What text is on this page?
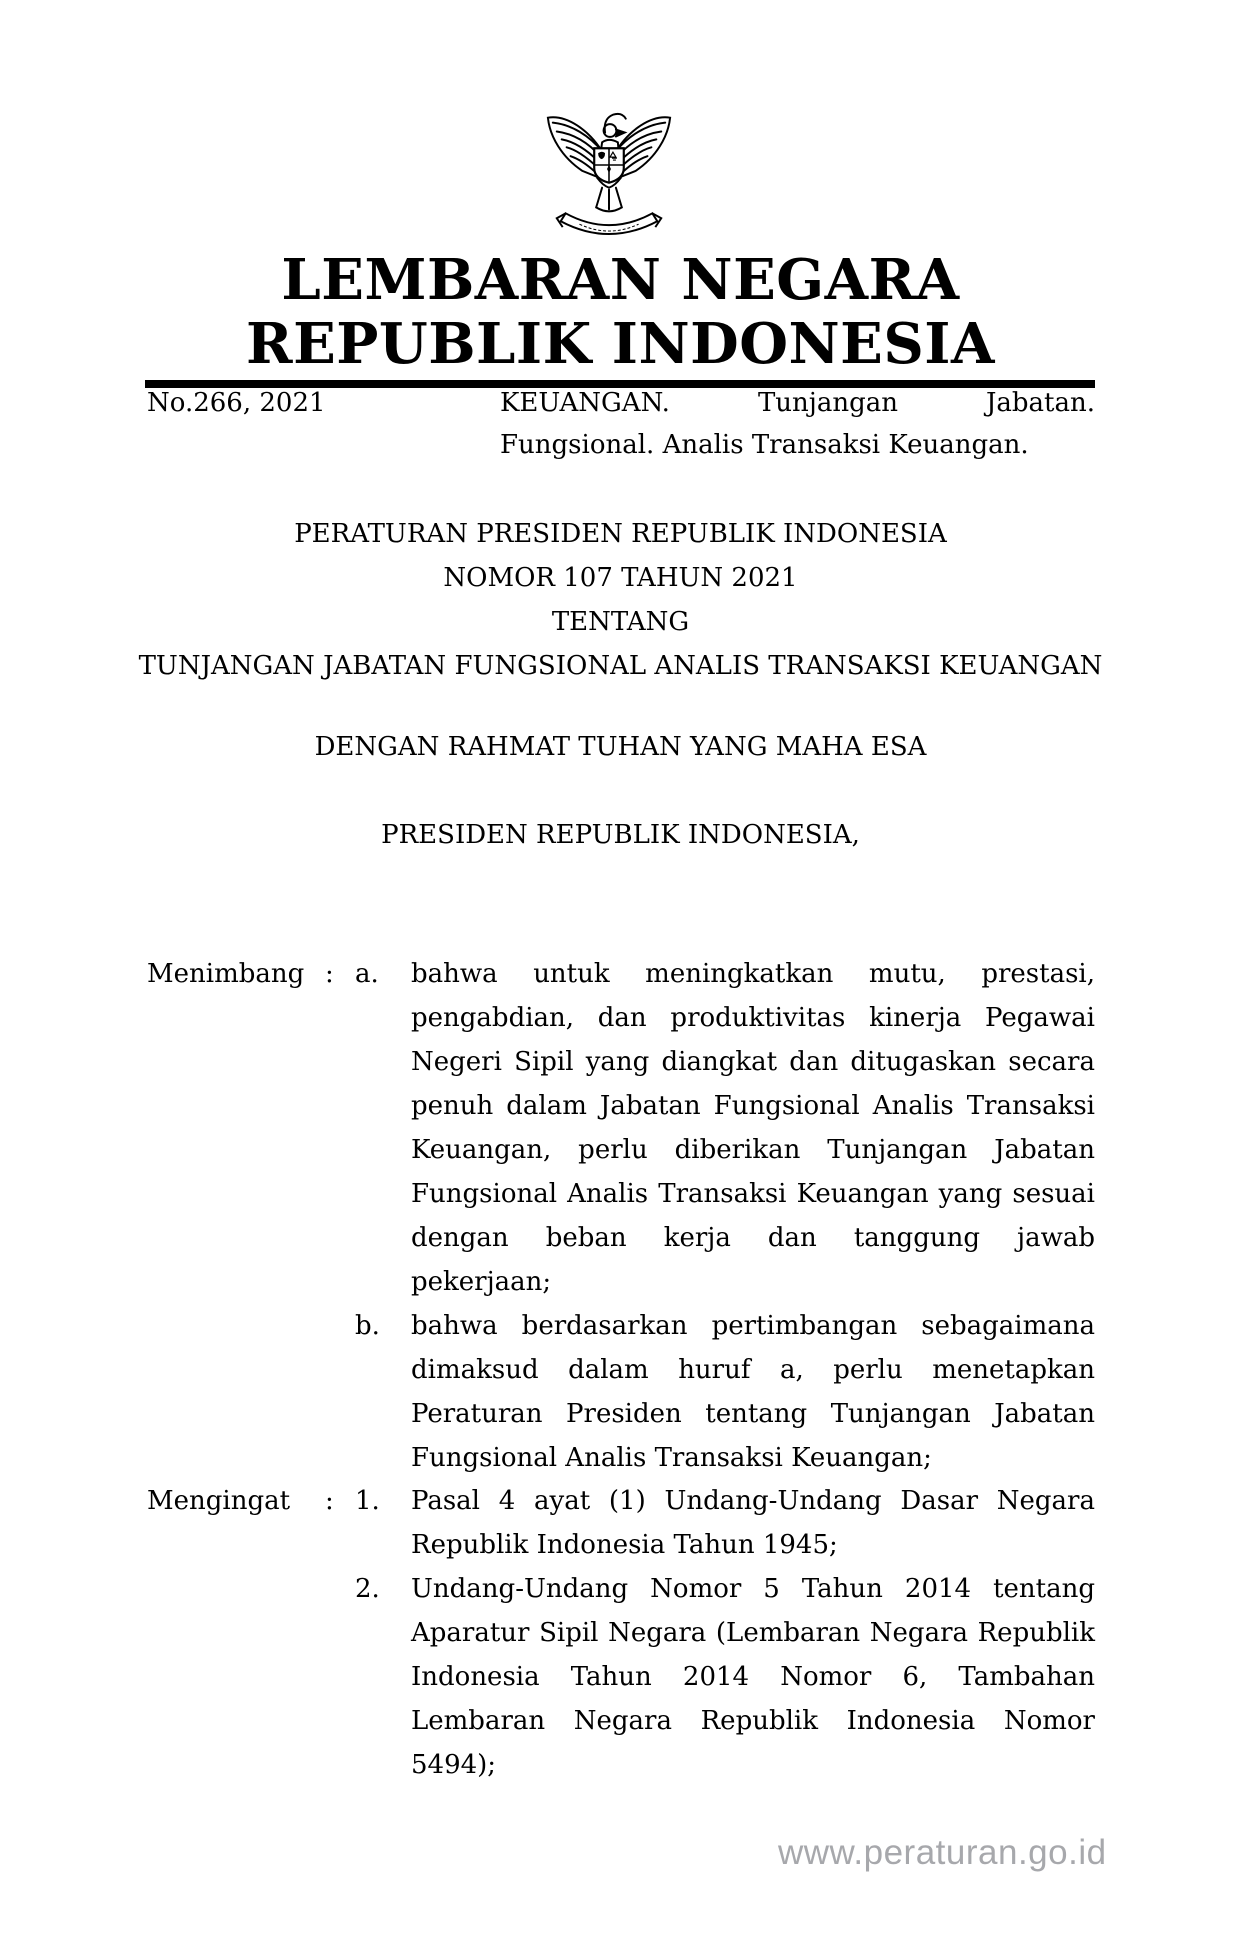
LEMBARAN NEGARA
REPUBLIK INDONESIA
No.266, 2021	KEUANGAN. Tunjangan Jabatan. Fungsional. Analis Transaksi Keuangan.
PERATURAN PRESIDEN REPUBLIK INDONESIA
NOMOR 107 TAHUN 2021
TENTANG
TUNJANGAN JABATAN FUNGSIONAL ANALIS TRANSAKSI KEUANGAN
DENGAN RAHMAT TUHAN YANG MAHA ESA
PRESIDEN REPUBLIK INDONESIA,
Menimbang : a.	bahwa untuk meningkatkan mutu, prestasi, pengabdian, dan produktivitas kinerja Pegawai Negeri Sipil yang diangkat dan ditugaskan secara penuh dalam Jabatan Fungsional Analis Transaksi Keuangan, perlu diberikan Tunjangan Jabatan Fungsional Analis Transaksi Keuangan yang sesuai dengan beban kerja dan tanggung jawab pekerjaan;
b.	bahwa berdasarkan pertimbangan sebagaimana dimaksud dalam huruf a, perlu menetapkan Peraturan Presiden tentang Tunjangan Jabatan Fungsional Analis Transaksi Keuangan;
Mengingat	: 1.	Pasal 4 ayat (1) Undang-Undang Dasar Negara Republik Indonesia Tahun 1945;
2.	Undang-Undang Nomor 5 Tahun 2014 tentang Aparatur Sipil Negara (Lembaran Negara Republik Indonesia Tahun 2014 Nomor 6, Tambahan Lembaran Negara Republik Indonesia Nomor 5494);
www.peraturan.go.id
